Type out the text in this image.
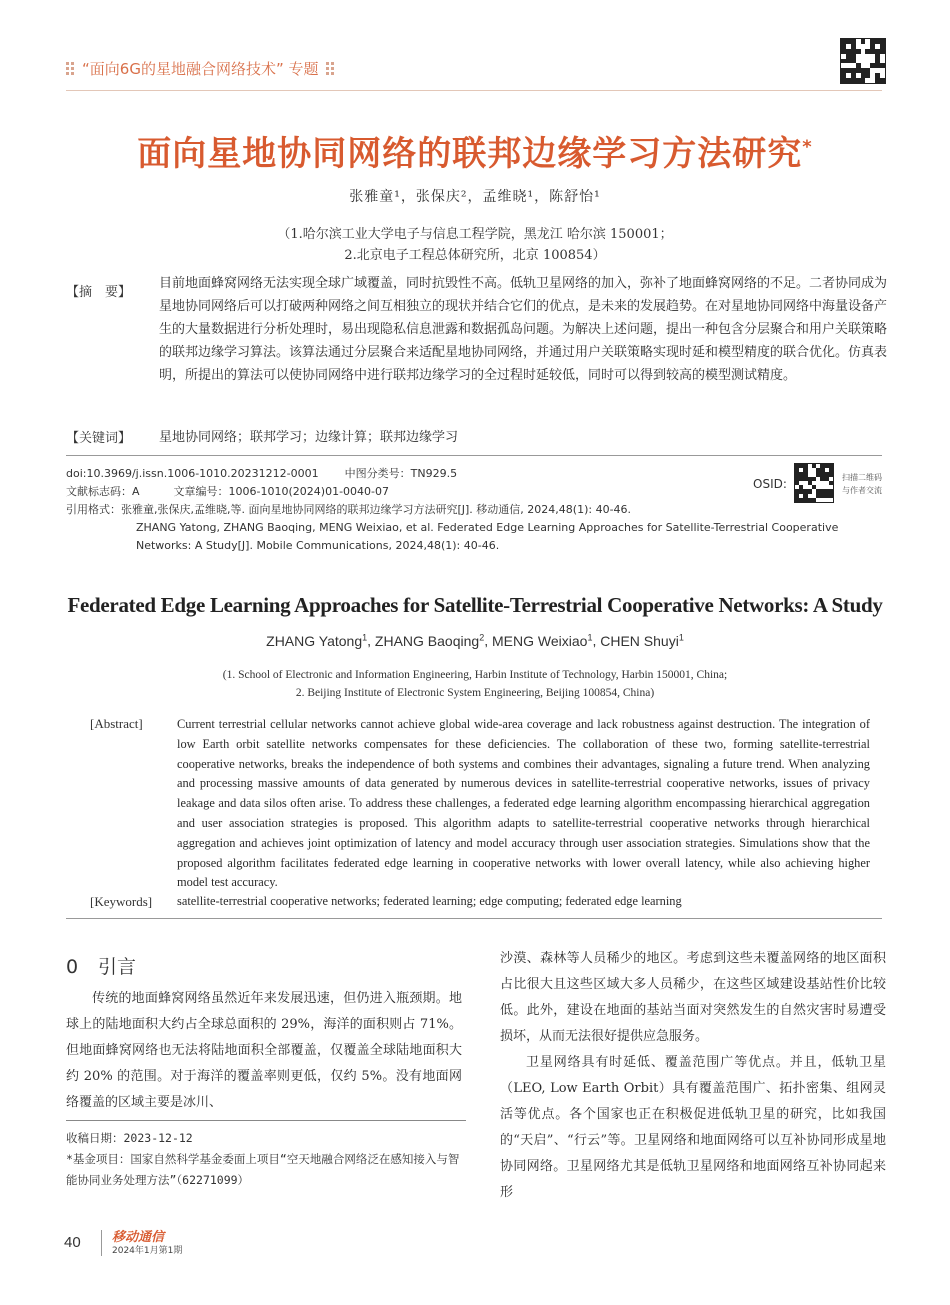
“面向6G的星地融合网络技术” 专题
面向星地协同网络的联邦边缘学习方法研究*
张雅童¹，张保庆²，孟维晓¹，陈舒怡¹
（1.哈尔滨工业大学电子与信息工程学院，黑龙江 哈尔滨 150001；
2.北京电子工程总体研究所，北京 100854）
【摘　要】
目前地面蜂窝网络无法实现全球广域覆盖，同时抗毁性不高。低轨卫星网络的加入，弥补了地面蜂窝网络的不足。二者协同成为星地协同网络后可以打破两种网络之间互相独立的现状并结合它们的优点，是未来的发展趋势。在对星地协同网络中海量设备产生的大量数据进行分析处理时，易出现隐私信息泄露和数据孤岛问题。为解决上述问题，提出一种包含分层聚合和用户关联策略的联邦边缘学习算法。该算法通过分层聚合来适配星地协同网络，并通过用户关联策略实现时延和模型精度的联合优化。仿真表明，所提出的算法可以使协同网络中进行联邦边缘学习的全过程时延较低，同时可以得到较高的模型测试精度。
【关键词】 星地协同网络；联邦学习；边缘计算；联邦边缘学习
doi:10.3969/j.issn.1006-1010.20231212-0001 中图分类号：TN929.5
文献标志码：A	文章编号：1006-1010(2024)01-0040-07
引用格式：张雅童,张保庆,孟维晓,等. 面向星地协同网络的联邦边缘学习方法研究[J]. 移动通信, 2024,48(1): 40-46.
ZHANG Yatong, ZHANG Baoqing, MENG Weixiao, et al. Federated Edge Learning Approaches for Satellite-Terrestrial Cooperative
Networks: A Study[J]. Mobile Communications, 2024,48(1): 40-46.
OSID:	扫描二维码
与作者交流
Federated Edge Learning Approaches for Satellite-Terrestrial Cooperative Networks: A Study
ZHANG Yatong$^1$, ZHANG Baoqing$^2$, MENG Weixiao$^1$, CHEN Shuyi$^1$
(1. School of Electronic and Information Engineering, Harbin Institute of Technology, Harbin 150001, China;
2. Beijing Institute of Electronic System Engineering, Beijing 100854, China)
[Abstract]	Current terrestrial cellular networks cannot achieve global wide-area coverage and lack robustness against destruction. The integration of low Earth orbit satellite networks compensates for these deficiencies. The collaboration of these two, forming satellite-terrestrial cooperative networks, breaks the independence of both systems and combines their advantages, signaling a future trend. When analyzing and processing massive amounts of data generated by numerous devices in satellite-terrestrial cooperative networks, issues of privacy leakage and data silos often arise. To address these challenges, a federated edge learning algorithm encompassing hierarchical aggregation and user association strategies is proposed. This algorithm adapts to satellite-terrestrial cooperative networks through hierarchical aggregation and achieves joint optimization of latency and model accuracy through user association strategies. Simulations show that the proposed algorithm facilitates federated edge learning in cooperative networks with lower overall latency, while also achieving higher model test accuracy.
[Keywords] satellite-terrestrial cooperative networks; federated learning; edge computing; federated edge learning
0 引言

传统的地面蜂窝网络虽然近年来发展迅速，但仍进入瓶颈期。地球上的陆地面积大约占全球总面积的 29%，海洋的面积则占 71%。但地面蜂窝网络也无法将陆地面积全部覆盖，仅覆盖全球陆地面积大约 20% 的范围。对于海洋的覆盖率则更低，仅约 5%。没有地面网络覆盖的区域主要是冰川、

沙漠、森林等人员稀少的地区。考虑到这些未覆盖网络的地区面积占比很大且这些区域大多人员稀少，在这些区域建设基站性价比较低。此外，建设在地面的基站当面对突然发生的自然灾害时易遭受损坏，从而无法很好提供应急服务。

卫星网络具有时延低、覆盖范围广等优点。并且，低轨卫星（LEO, Low Earth Orbit）具有覆盖范围广、拓扑密集、组网灵活等优点。各个国家也正在积极促进低轨卫星的研究，比如我国的“天启”、“行云”等。卫星网络和地面网络可以互补协同形成星地协同网络。卫星网络尤其是低轨卫星网络和地面网络互补协同起来形

收稿日期：2023-12-12
*基金项目：国家自然科学基金委面上项目“空天地融合网络泛在感知接入与智能协同业务处理方法”（62271099）
40 移动通信
2024年1月第1期
